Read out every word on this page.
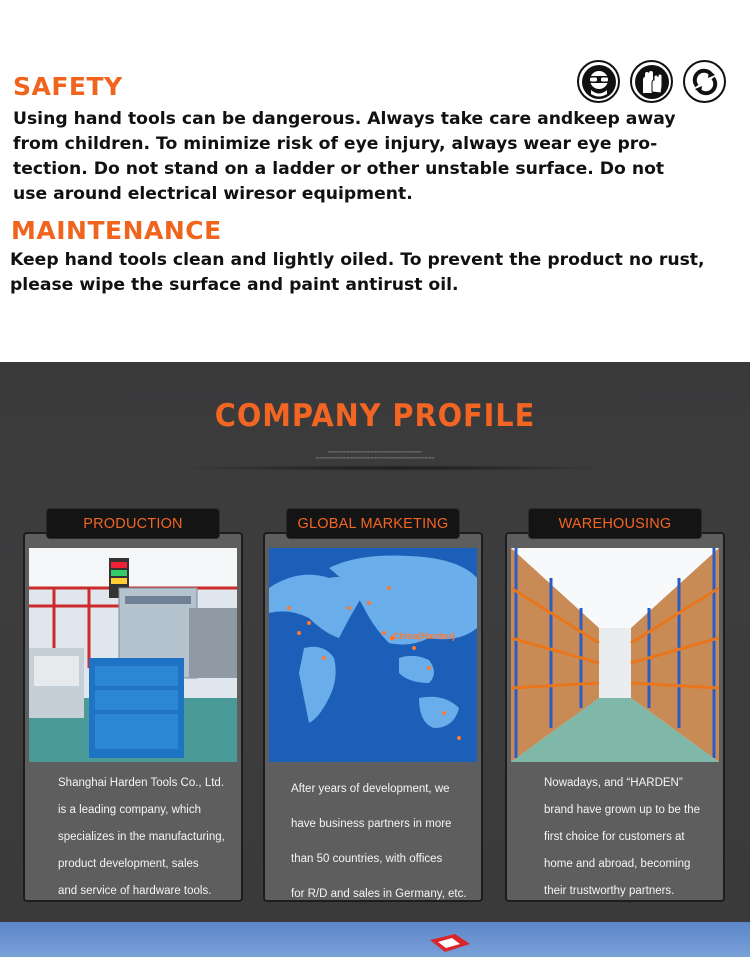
SAFETY
Using hand tools can be dangerous. Always take care andkeep away
from children. To minimize risk of eye injury, always wear eye pro-
tection. Do not stand on a ladder or other unstable surface. Do not
use around electrical wiresor equipment.
MAINTENANCE
Keep hand tools clean and lightly oiled. To prevent the product no rust,
please wipe the surface and paint antirust oil.
COMPANY PROFILE
▪▪▪▪▪▪▪▪▪▪▪▪▪▪▪▪▪▪▪▪▪▪▪▪▪▪▪▪▪▪▪▪▪▪▪▪▪▪▪▪▪▪▪▪▪▪▪▪▪▪▪▪▪▪▪▪▪▪▪▪▪▪▪▪▪▪
▪▪▪▪▪▪▪▪▪▪▪▪▪▪▪▪▪▪▪▪▪▪▪▪▪▪▪▪▪▪▪▪▪▪▪▪▪▪▪▪▪▪▪▪▪▪▪▪▪▪▪▪▪▪▪▪▪▪▪▪▪▪▪▪▪▪▪▪▪▪▪▪▪▪▪▪▪▪▪▪▪▪▪▪
Shanghai Harden Tools Co., Ltd.
is a leading company, which
specializes in the manufacturing,
product development, sales
and service of hardware tools.
PRODUCTION
China(Harden)
After years of development, we
have business partners in more
than 50 countries, with offices
for R/D and sales in Germany, etc.
GLOBAL MARKETING
Nowadays, and “HARDEN”
brand have grown up to be the
first choice for customers at
home and abroad, becoming
their trustworthy partners.
WAREHOUSING
